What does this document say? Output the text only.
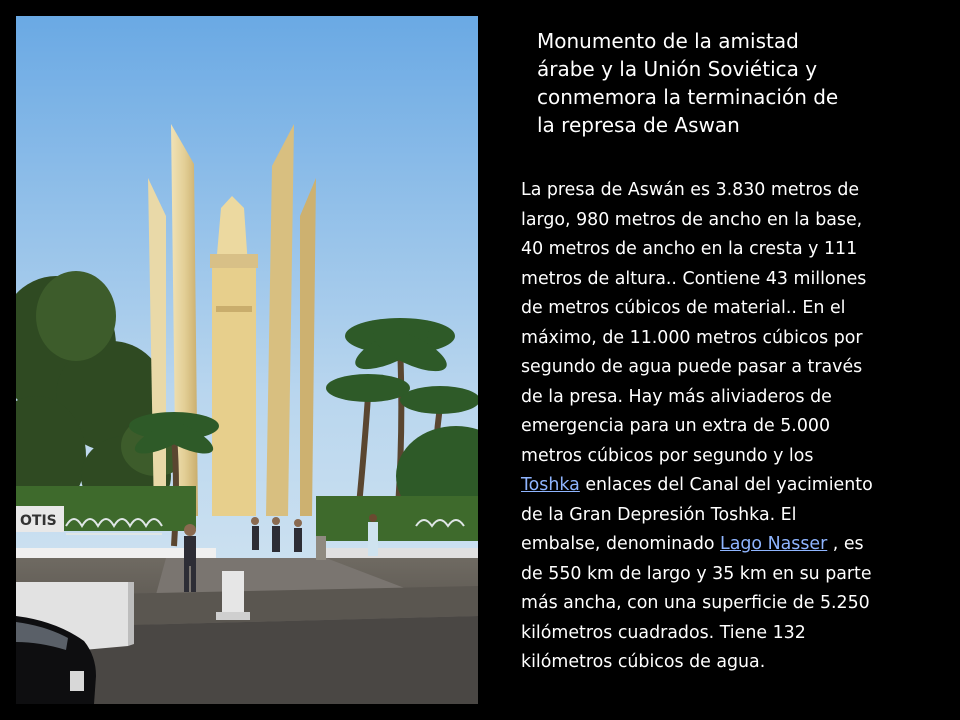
OTIS
Monumento de la amistad
árabe y la Unión Soviética y
conmemora la terminación de
la represa de Aswan
La presa de Aswán es 3.830 metros de
largo, 980 metros de ancho en la base,
40 metros de ancho en la cresta y 111
metros de altura.. Contiene 43 millones
de metros cúbicos de material.. En el
máximo, de 11.000 metros cúbicos por
segundo de agua puede pasar a través
de la presa. Hay más aliviaderos de
emergencia para un extra de 5.000
metros cúbicos por segundo y los
Toshka enlaces del Canal del yacimiento
de la Gran Depresión Toshka. El
embalse, denominado Lago Nasser , es
de 550 km de largo y 35 km en su parte
más ancha, con una superficie de 5.250
kilómetros cuadrados. Tiene 132
kilómetros cúbicos de agua.
